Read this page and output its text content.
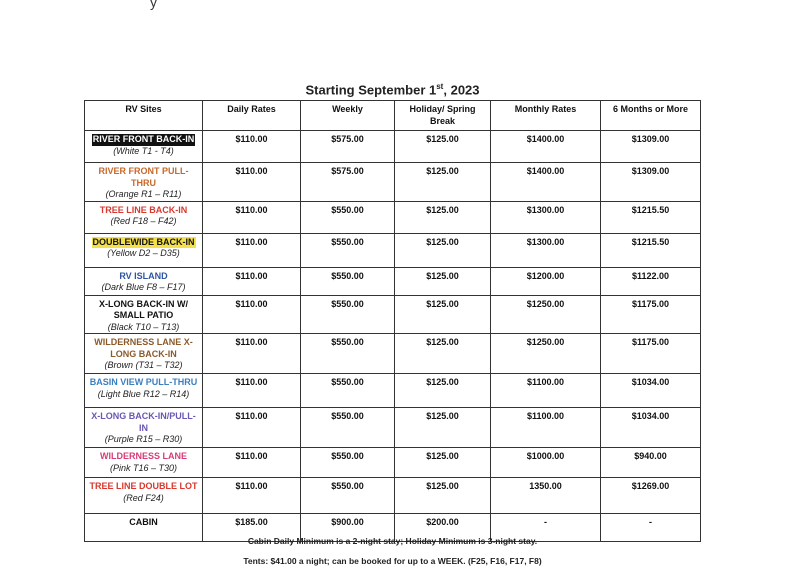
y
Starting September 1st, 2023
RV Sites	Daily Rates	Weekly	Holiday/ Spring Break	Monthly Rates	6 Months or More
RIVER FRONT BACK-IN
(White T1 - T4)	$110.00	$575.00	$125.00	$1400.00	$1309.00
RIVER FRONT PULL-THRU
(Orange R1 – R11)	$110.00	$575.00	$125.00	$1400.00	$1309.00
TREE LINE BACK-IN
(Red F18 – F42)	$110.00	$550.00	$125.00	$1300.00	$1215.50
DOUBLEWIDE BACK-IN
(Yellow D2 – D35)	$110.00	$550.00	$125.00	$1300.00	$1215.50
RV ISLAND
(Dark Blue F8 – F17)	$110.00	$550.00	$125.00	$1200.00	$1122.00
X-LONG BACK-IN W/ SMALL PATIO
(Black T10 – T13)	$110.00	$550.00	$125.00	$1250.00	$1175.00
WILDERNESS LANE X-LONG BACK-IN
(Brown (T31 – T32)	$110.00	$550.00	$125.00	$1250.00	$1175.00
BASIN VIEW PULL-THRU
(Light Blue R12 – R14)	$110.00	$550.00	$125.00	$1100.00	$1034.00
X-LONG BACK-IN/PULL-IN
(Purple R15 – R30)	$110.00	$550.00	$125.00	$1100.00	$1034.00
WILDERNESS LANE
(Pink T16 – T30)	$110.00	$550.00	$125.00	$1000.00	$940.00
TREE LINE DOUBLE LOT
(Red F24)	$110.00	$550.00	$125.00	1350.00	$1269.00
CABIN	$185.00	$900.00	$200.00	-	-
Cabin Daily Minimum is a 2-night stay; Holiday Minimum is 3-night stay.
Tents: $41.00 a night; can be booked for up to a WEEK. (F25, F16, F17, F8)
